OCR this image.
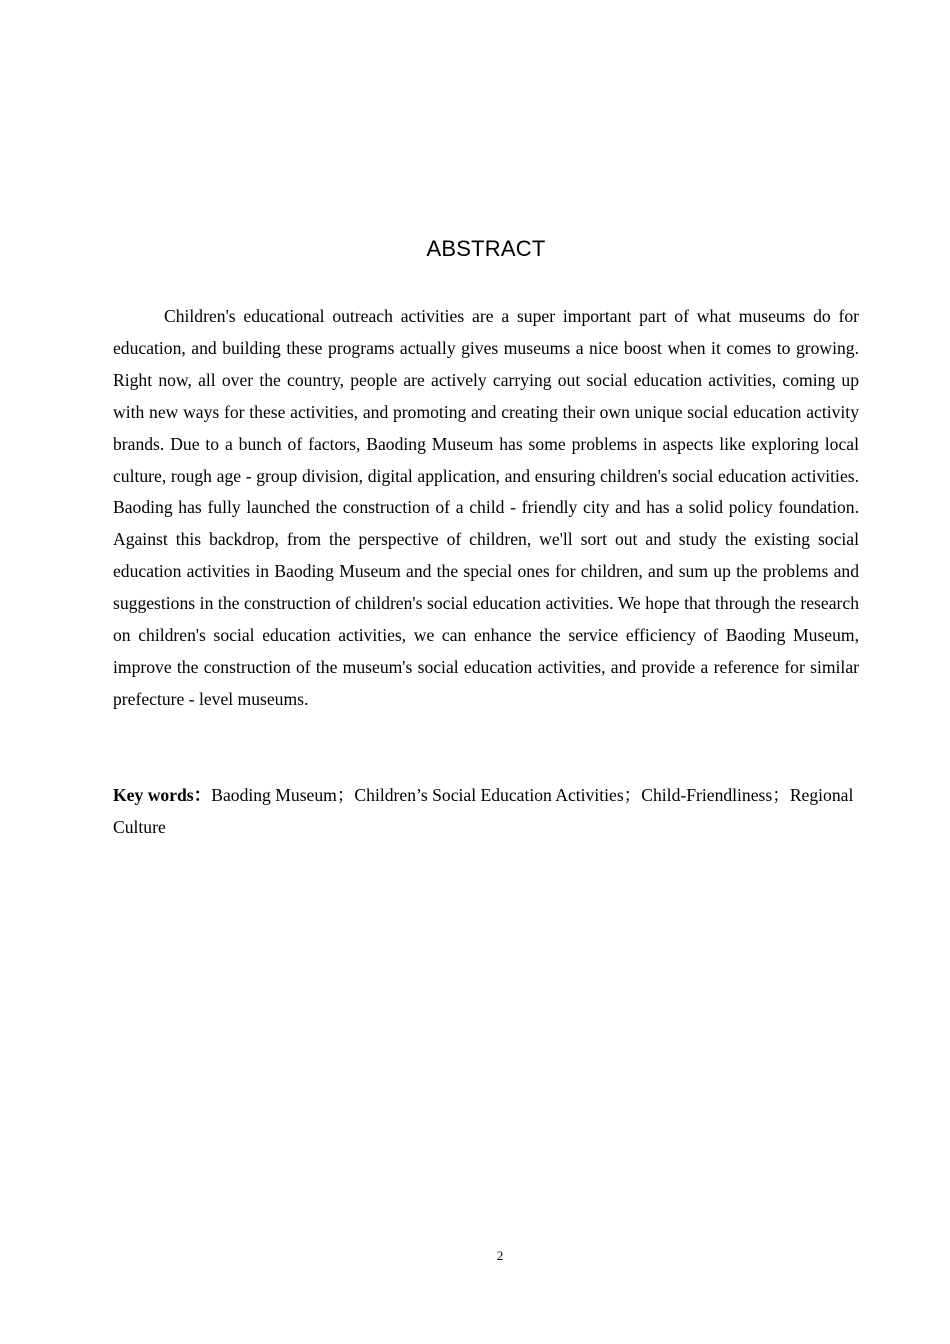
ABSTRACT

Children's educational outreach activities are a super important part of what museums do for education, and building these programs actually gives museums a nice boost when it comes to growing. Right now, all over the country, people are actively carrying out social education activities, coming up with new ways for these activities, and promoting and creating their own unique social education activity brands. Due to a bunch of factors, Baoding Museum has some problems in aspects like exploring local culture, rough age - group division, digital application, and ensuring children's social education activities. Baoding has fully launched the construction of a child - friendly city and has a solid policy foundation. Against this backdrop, from the perspective of children, we'll sort out and study the existing social education activities in Baoding Museum and the special ones for children, and sum up the problems and suggestions in the construction of children's social education activities. We hope that through the research on children's social education activities, we can enhance the service efficiency of Baoding Museum, improve the construction of the museum's social education activities, and provide a reference for similar prefecture - level museums.

Key words：Baoding Museum；Children’s Social Education Activities；Child-Friendliness；Regional Culture

2
